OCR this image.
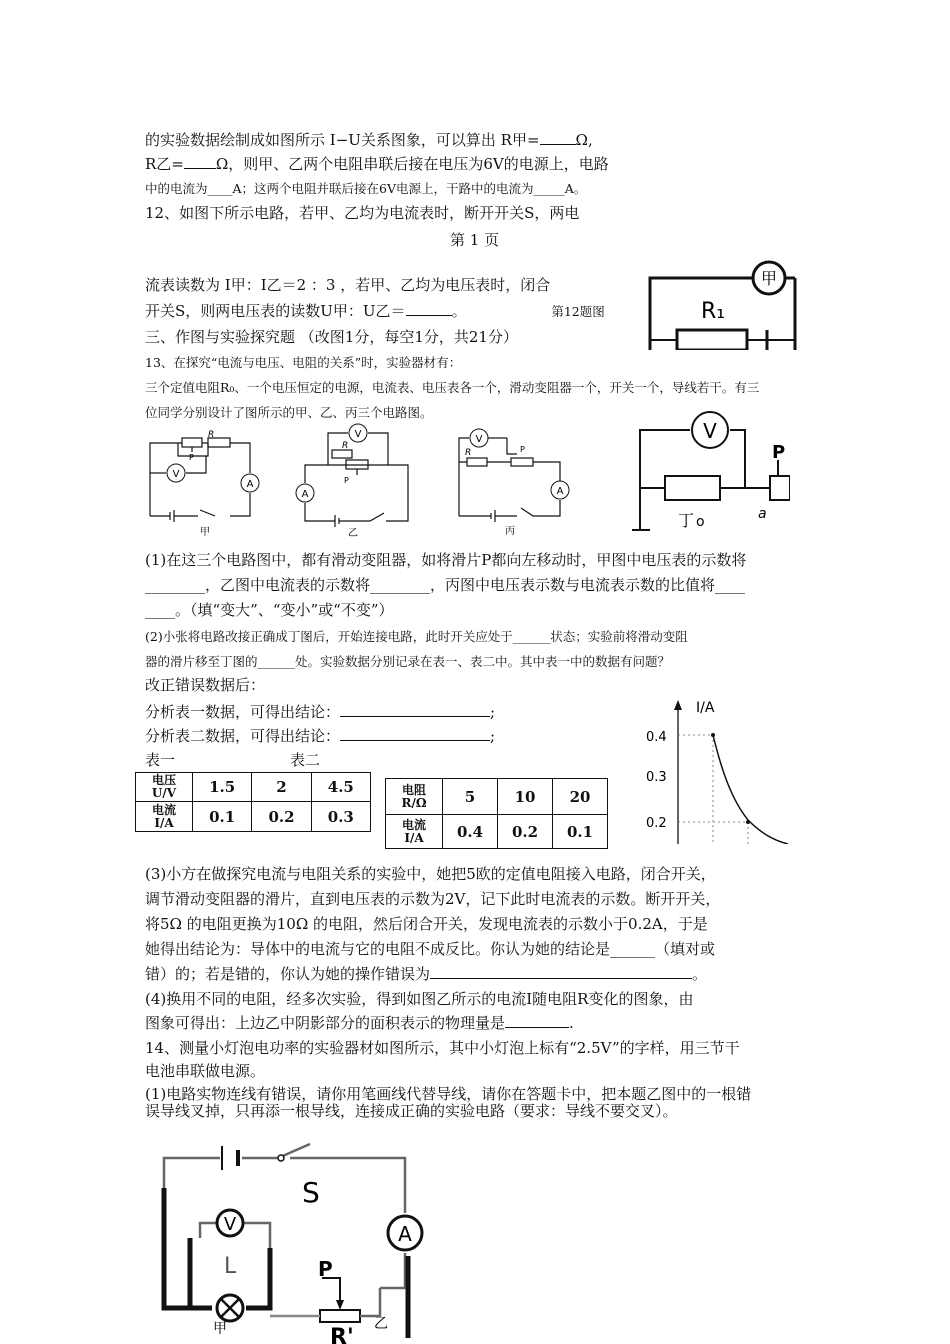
的实验数据绘制成如图所示 I−U关系图象，可以算出 R甲= Ω,
R乙= Ω，则甲、乙两个电阻串联后接在电压为6V的电源上，电路
中的电流为____A；这两个电阻并联后接在6V电源上，干路中的电流为_____A。
12、如图下所示电路，若甲、乙均为电流表时，断开开关S，两电
第 1 页
流表读数为 I甲：I乙＝2 ：3 ，若甲、乙均为电压表时，闭合
开关S，则两电压表的读数U甲：U乙＝	。	第12题图
三、作图与实验探究题 （改图1分，每空1分，共21分）
13、在探究“电流与电压、电阻的关系”时，实验器材有：
三个定值电阻R₀、一个电压恒定的电源，电流表、电压表各一个，滑动变阻器一个，开关一个，导线若干。有三
位同学分别设计了图所示的甲、乙、丙三个电路图。
甲
R₁
V
A
R
P
甲
V
A
R
P
乙
V
A
R	P
丙
V
P
丁 o	a
(1)在这三个电路图中，都有滑动变阻器，如将滑片P都向左移动时，甲图中电压表的示数将
________，乙图中电流表的示数将________，丙图中电压表示数与电流表示数的比值将____
____。（填“变大”、“变小”或“不变”）
(2)小张将电路改接正确成丁图后，开始连接电路，此时开关应处于______状态；实验前将滑动变阻
器的滑片移至丁图的______处。实验数据分别记录在表一、表二中。其中表一中的数据有问题？
改正错误数据后：
分析表一数据，可得出结论：	;
分析表二数据，可得出结论：	;
表一	表二
电压
U/V	1.5	2	4.5
电流
I/A	0.1	0.2	0.3
电阻
R/Ω	5	10	20
电流
I/A	0.4	0.2	0.1
I/A
0.4
0.3
0.2
(3)小方在做探究电流与电阻关系的实验中，她把5欧的定值电阻接入电路，闭合开关，
调节滑动变阻器的滑片，直到电压表的示数为2V，记下此时电流表的示数。断开开关，
将5Ω 的电阻更换为10Ω 的电阻，然后闭合开关，发现电流表的示数小于0.2A，于是
她得出结论为：导体中的电流与它的电阻不成反比。你认为她的结论是______（填对或
错）的；若是错的，你认为她的操作错误为	。
(4)换用不同的电阻，经多次实验，得到如图乙所示的电流I随电阻R变化的图象，由
图象可得出：上边乙中阴影部分的面积表示的物理量是	.
14、测量小灯泡电功率的实验器材如图所示，其中小灯泡上标有“2.5V”的字样，用三节干
电池串联做电源。
(1)电路实物连线有错误，请你用笔画线代替导线，请你在答题卡中，把本题乙图中的一根错
误导线叉掉，只再添一根导线，连接成正确的实验电路（要求：导线不要交叉）。
V	A
S
L	P
R'
甲	乙
